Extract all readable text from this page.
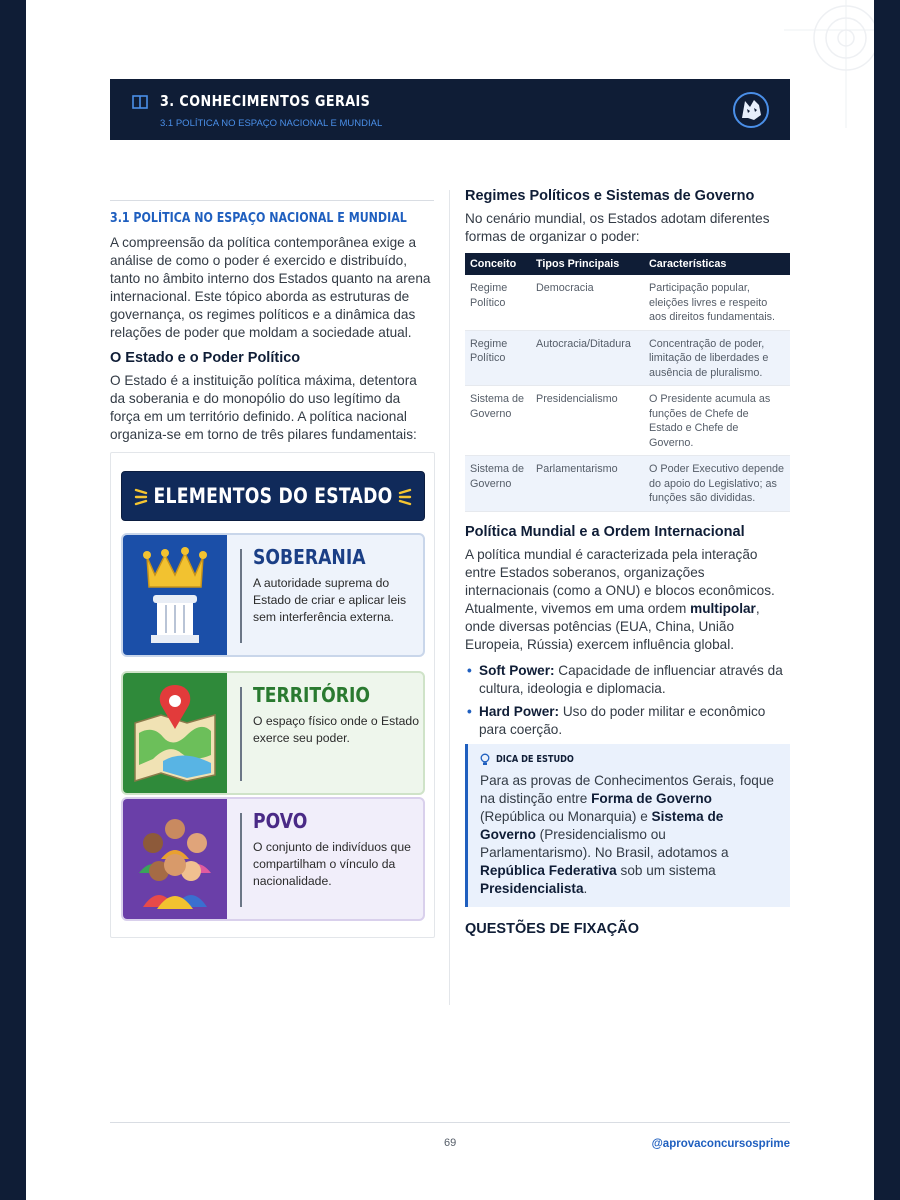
3. CONHECIMENTOS GERAIS
3.1 POLÍTICA NO ESPAÇO NACIONAL E MUNDIAL
3.1 POLÍTICA NO ESPAÇO NACIONAL E MUNDIAL

A compreensão da política contemporânea exige a análise de como o poder é exercido e distribuído, tanto no âmbito interno dos Estados quanto na arena internacional. Este tópico aborda as estruturas de governança, os regimes políticos e a dinâmica das relações de poder que moldam a sociedade atual.

O Estado e o Poder Político

O Estado é a instituição política máxima, detentora da soberania e do monopólio do uso legítimo da força em um território definido. A política nacional organiza-se em torno de três pilares fundamentais:

ELEMENTOS DO ESTADO
SOBERANIA
A autoridade suprema do Estado de criar e aplicar leis sem interferência externa.
TERRITÓRIO
O espaço físico onde o Estado exerce seu poder.
POVO
O conjunto de indivíduos que compartilham o vínculo da nacionalidade.
Regimes Políticos e Sistemas de Governo

No cenário mundial, os Estados adotam diferentes formas de organizar o poder:

Conceito	Tipos Principais	Características
Regime Político	Democracia	Participação popular, eleições livres e respeito aos direitos fundamentais.
Regime Político	Autocracia/Ditadura	Concentração de poder, limitação de liberdades e ausência de pluralismo.
Sistema de Governo	Presidencialismo	O Presidente acumula as funções de Chefe de Estado e Chefe de Governo.
Sistema de Governo	Parlamentarismo	O Poder Executivo depende do apoio do Legislativo; as funções são divididas.
Política Mundial e a Ordem Internacional

A política mundial é caracterizada pela interação entre Estados soberanos, organizações internacionais (como a ONU) e blocos econômicos. Atualmente, vivemos em uma ordem multipolar, onde diversas potências (EUA, China, União Europeia, Rússia) exercem influência global.

• Soft Power: Capacidade de influenciar através da cultura, ideologia e diplomacia.
• Hard Power: Uso do poder militar e econômico para coerção.
DICA DE ESTUDO

Para as provas de Conhecimentos Gerais, foque na distinção entre Forma de Governo (República ou Monarquia) e Sistema de Governo (Presidencialismo ou Parlamentarismo). No Brasil, adotamos a República Federativa sob um sistema Presidencialista.

QUESTÕES DE FIXAÇÃO
69	@aprovaconcursosprime
